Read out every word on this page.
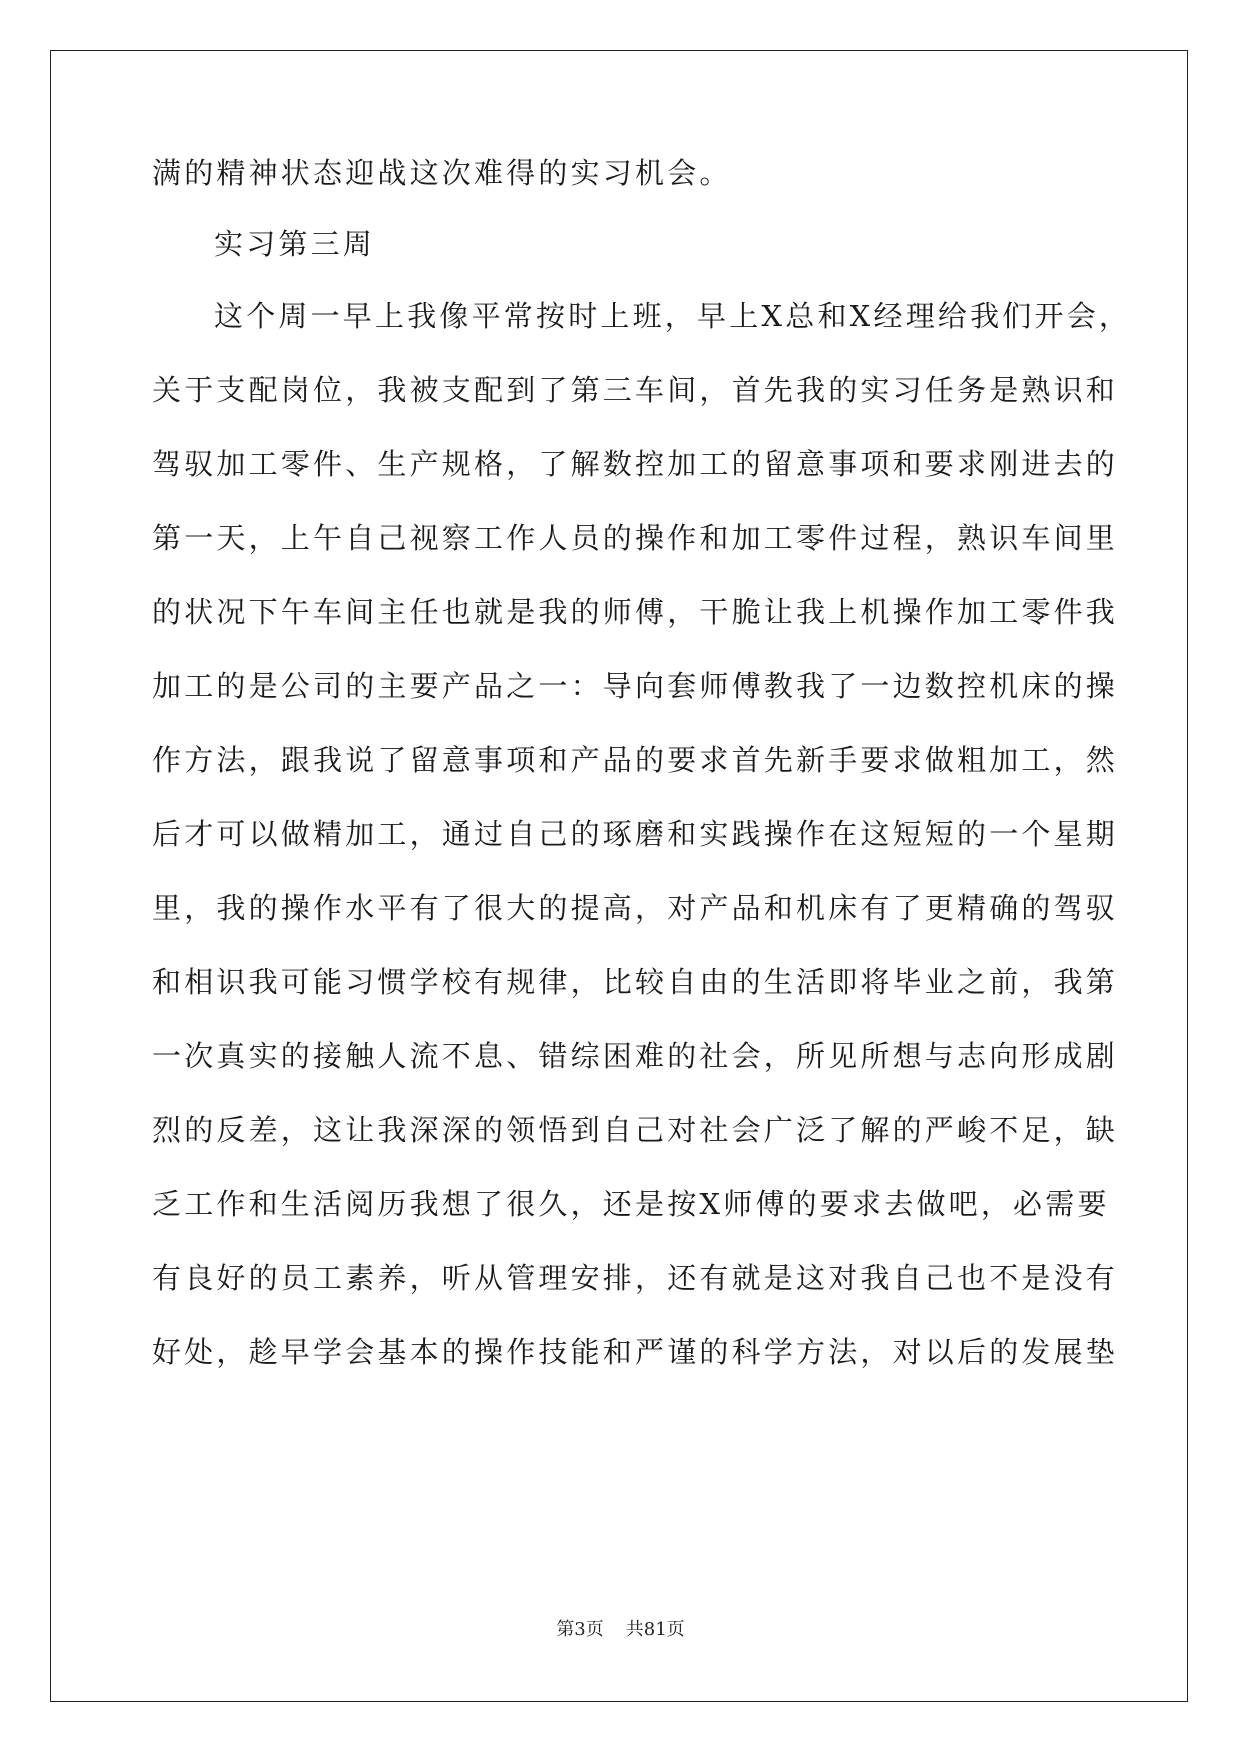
满的精神状态迎战这次难得的实习机会。
实习第三周
这个周一早上我像平常按时上班，早上X总和X经理给我们开会，
关于支配岗位，我被支配到了第三车间，首先我的实习任务是熟识和
驾驭加工零件、生产规格，了解数控加工的留意事项和要求刚进去的
第一天，上午自己视察工作人员的操作和加工零件过程，熟识车间里
的状况下午车间主任也就是我的师傅，干脆让我上机操作加工零件我
加工的是公司的主要产品之一：导向套师傅教我了一边数控机床的操
作方法，跟我说了留意事项和产品的要求首先新手要求做粗加工，然
后才可以做精加工，通过自己的琢磨和实践操作在这短短的一个星期
里，我的操作水平有了很大的提高，对产品和机床有了更精确的驾驭
和相识我可能习惯学校有规律，比较自由的生活即将毕业之前，我第
一次真实的接触人流不息、错综困难的社会，所见所想与志向形成剧
烈的反差，这让我深深的领悟到自己对社会广泛了解的严峻不足，缺
乏工作和生活阅历我想了很久，还是按X师傅的要求去做吧，必需要
有良好的员工素养，听从管理安排，还有就是这对我自己也不是没有
好处，趁早学会基本的操作技能和严谨的科学方法，对以后的发展垫
第3页 共81页
